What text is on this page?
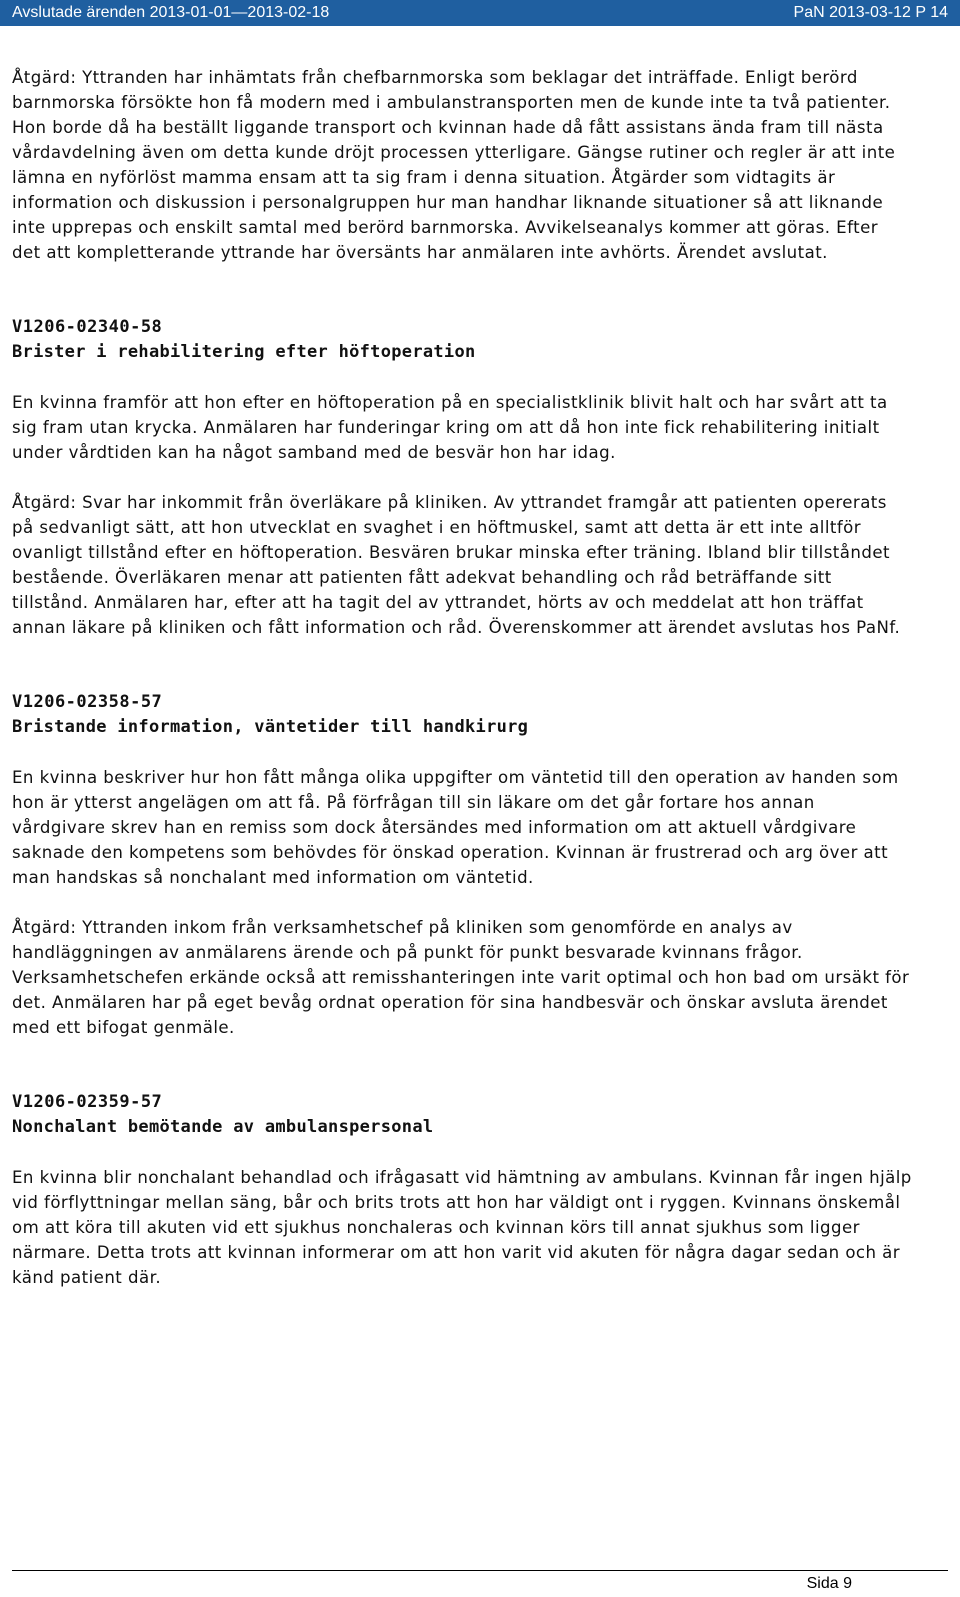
Avslutade ärenden 2013-01-01—2013-02-18	PaN 2013-03-12 P 14

Åtgärd: Yttranden har inhämtats från chefbarnmorska som beklagar det inträffade. Enligt berörd barnmorska försökte hon få modern med i ambulanstransporten men de kunde inte ta två patienter. Hon borde då ha beställt liggande transport och kvinnan hade då fått assistans ända fram till nästa vårdavdelning även om detta kunde dröjt processen ytterligare. Gängse rutiner och regler är att inte lämna en nyförlöst mamma ensam att ta sig fram i denna situation. Åtgärder som vidtagits är information och diskussion i personalgruppen hur man handhar liknande situationer så att liknande inte upprepas och enskilt samtal med berörd barnmorska. Avvikelseanalys kommer att göras. Efter det att kompletterande yttrande har översänts har anmälaren inte avhörts. Ärendet avslutat.

V1206-02340-58

Brister i rehabilitering efter höftoperation

En kvinna framför att hon efter en höftoperation på en specialistklinik blivit halt och har svårt att ta sig fram utan krycka. Anmälaren har funderingar kring om att då hon inte fick rehabilitering initialt under vårdtiden kan ha något samband med de besvär hon har idag.

Åtgärd: Svar har inkommit från överläkare på kliniken. Av yttrandet framgår att patienten opererats på sedvanligt sätt, att hon utvecklat en svaghet i en höftmuskel, samt att detta är ett inte alltför ovanligt tillstånd efter en höftoperation. Besvären brukar minska efter träning. Ibland blir tillståndet bestående. Överläkaren menar att patienten fått adekvat behandling och råd beträffande sitt tillstånd. Anmälaren har, efter att ha tagit del av yttrandet, hörts av och meddelat att hon träffat annan läkare på kliniken och fått information och råd. Överenskommer att ärendet avslutas hos PaNf.

V1206-02358-57

Bristande information, väntetider till handkirurg

En kvinna beskriver hur hon fått många olika uppgifter om väntetid till den operation av handen som hon är ytterst angelägen om att få. På förfrågan till sin läkare om det går fortare hos annan vårdgivare skrev han en remiss som dock återsändes med information om att aktuell vårdgivare saknade den kompetens som behövdes för önskad operation. Kvinnan är frustrerad och arg över att man handskas så nonchalant med information om väntetid.

Åtgärd: Yttranden inkom från verksamhetschef på kliniken som genomförde en analys av handläggningen av anmälarens ärende och på punkt för punkt besvarade kvinnans frågor. Verksamhetschefen erkände också att remisshanteringen inte varit optimal och hon bad om ursäkt för det. Anmälaren har på eget bevåg ordnat operation för sina handbesvär och önskar avsluta ärendet med ett bifogat genmäle.

V1206-02359-57

Nonchalant bemötande av ambulanspersonal

En kvinna blir nonchalant behandlad och ifrågasatt vid hämtning av ambulans. Kvinnan får ingen hjälp vid förflyttningar mellan säng, bår och brits trots att hon har väldigt ont i ryggen. Kvinnans önskemål om att köra till akuten vid ett sjukhus nonchaleras och kvinnan körs till annat sjukhus som ligger närmare. Detta trots att kvinnan informerar om att hon varit vid akuten för några dagar sedan och är känd patient där.

Sida 9
